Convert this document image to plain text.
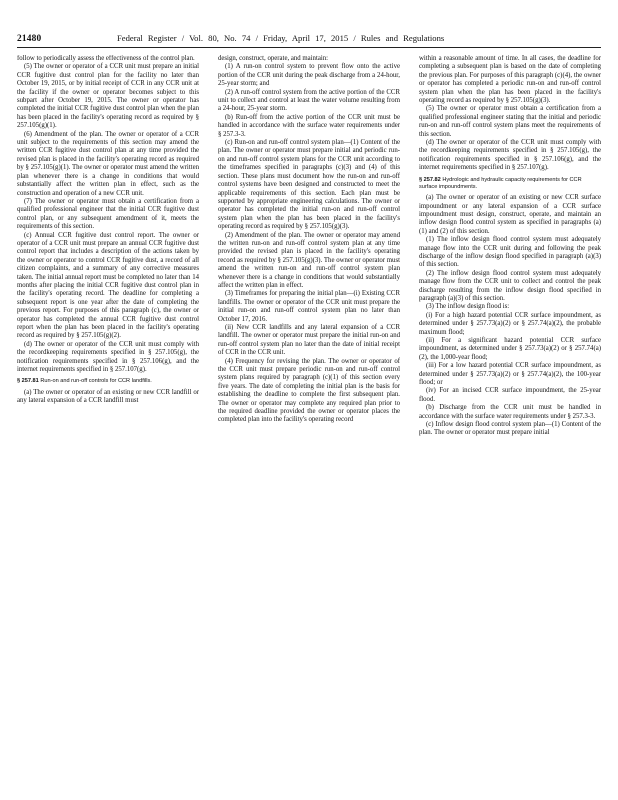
21480	Federal Register / Vol. 80, No. 74 / Friday, April 17, 2015 / Rules and Regulations

follow to periodically assess the effectiveness of the control plan.

(5) The owner or operator of a CCR unit must prepare an initial CCR fugitive dust control plan for the facility no later than October 19, 2015, or by initial receipt of CCR in any CCR unit at the facility if the owner or operator becomes subject to this subpart after October 19, 2015. The owner or operator has completed the initial CCR fugitive dust control plan when the plan has been placed in the facility's operating record as required by § 257.105(g)(1).

(6) Amendment of the plan. The owner or operator of a CCR unit subject to the requirements of this section may amend the written CCR fugitive dust control plan at any time provided the revised plan is placed in the facility's operating record as required by § 257.105(g)(1). The owner or operator must amend the written plan whenever there is a change in conditions that would substantially affect the written plan in effect, such as the construction and operation of a new CCR unit.

(7) The owner or operator must obtain a certification from a qualified professional engineer that the initial CCR fugitive dust control plan, or any subsequent amendment of it, meets the requirements of this section.

(c) Annual CCR fugitive dust control report. The owner or operator of a CCR unit must prepare an annual CCR fugitive dust control report that includes a description of the actions taken by the owner or operator to control CCR fugitive dust, a record of all citizen complaints, and a summary of any corrective measures taken. The initial annual report must be completed no later than 14 months after placing the initial CCR fugitive dust control plan in the facility's operating record. The deadline for completing a subsequent report is one year after the date of completing the previous report. For purposes of this paragraph (c), the owner or operator has completed the annual CCR fugitive dust control report when the plan has been placed in the facility's operating record as required by § 257.105(g)(2).

(d) The owner or operator of the CCR unit must comply with the recordkeeping requirements specified in § 257.105(g), the notification requirements specified in § 257.106(g), and the internet requirements specified in § 257.107(g).

§ 257.81 Run-on and run-off controls for CCR landfills.

(a) The owner or operator of an existing or new CCR landfill or any lateral expansion of a CCR landfill must

design, construct, operate, and maintain:

(1) A run-on control system to prevent flow onto the active portion of the CCR unit during the peak discharge from a 24-hour, 25-year storm; and

(2) A run-off control system from the active portion of the CCR unit to collect and control at least the water volume resulting from a 24-hour, 25-year storm.

(b) Run-off from the active portion of the CCR unit must be handled in accordance with the surface water requirements under § 257.3-3.

(c) Run-on and run-off control system plan—(1) Content of the plan. The owner or operator must prepare initial and periodic run-on and run-off control system plans for the CCR unit according to the timeframes specified in paragraphs (c)(3) and (4) of this section. These plans must document how the run-on and run-off control systems have been designed and constructed to meet the applicable requirements of this section. Each plan must be supported by appropriate engineering calculations. The owner or operator has completed the initial run-on and run-off control system plan when the plan has been placed in the facility's operating record as required by § 257.105(g)(3).

(2) Amendment of the plan. The owner or operator may amend the written run-on and run-off control system plan at any time provided the revised plan is placed in the facility's operating record as required by § 257.105(g)(3). The owner or operator must amend the written run-on and run-off control system plan whenever there is a change in conditions that would substantially affect the written plan in effect.

(3) Timeframes for preparing the initial plan—(i) Existing CCR landfills. The owner or operator of the CCR unit must prepare the initial run-on and run-off control system plan no later than October 17, 2016.

(ii) New CCR landfills and any lateral expansion of a CCR landfill. The owner or operator must prepare the initial run-on and run-off control system plan no later than the date of initial receipt of CCR in the CCR unit.

(4) Frequency for revising the plan. The owner or operator of the CCR unit must prepare periodic run-on and run-off control system plans required by paragraph (c)(1) of this section every five years. The date of completing the initial plan is the basis for establishing the deadline to complete the first subsequent plan. The owner or operator may complete any required plan prior to the required deadline provided the owner or operator places the completed plan into the facility's operating record

within a reasonable amount of time. In all cases, the deadline for completing a subsequent plan is based on the date of completing the previous plan. For purposes of this paragraph (c)(4), the owner or operator has completed a periodic run-on and run-off control system plan when the plan has been placed in the facility's operating record as required by § 257.105(g)(3).

(5) The owner or operator must obtain a certification from a qualified professional engineer stating that the initial and periodic run-on and run-off control system plans meet the requirements of this section.

(d) The owner or operator of the CCR unit must comply with the recordkeeping requirements specified in § 257.105(g), the notification requirements specified in § 257.106(g), and the internet requirements specified in § 257.107(g).

§ 257.82 Hydrologic and hydraulic capacity requirements for CCR surface impoundments.

(a) The owner or operator of an existing or new CCR surface impoundment or any lateral expansion of a CCR surface impoundment must design, construct, operate, and maintain an inflow design flood control system as specified in paragraphs (a)(1) and (2) of this section.

(1) The inflow design flood control system must adequately manage flow into the CCR unit during and following the peak discharge of the inflow design flood specified in paragraph (a)(3) of this section.

(2) The inflow design flood control system must adequately manage flow from the CCR unit to collect and control the peak discharge resulting from the inflow design flood specified in paragraph (a)(3) of this section.

(3) The inflow design flood is:

(i) For a high hazard potential CCR surface impoundment, as determined under § 257.73(a)(2) or § 257.74(a)(2), the probable maximum flood;

(ii) For a significant hazard potential CCR surface impoundment, as determined under § 257.73(a)(2) or § 257.74(a)(2), the 1,000-year flood;

(iii) For a low hazard potential CCR surface impoundment, as determined under § 257.73(a)(2) or § 257.74(a)(2), the 100-year flood; or

(iv) For an incised CCR surface impoundment, the 25-year flood.

(b) Discharge from the CCR unit must be handled in accordance with the surface water requirements under § 257.3-3.

(c) Inflow design flood control system plan—(1) Content of the plan. The owner or operator must prepare initial
